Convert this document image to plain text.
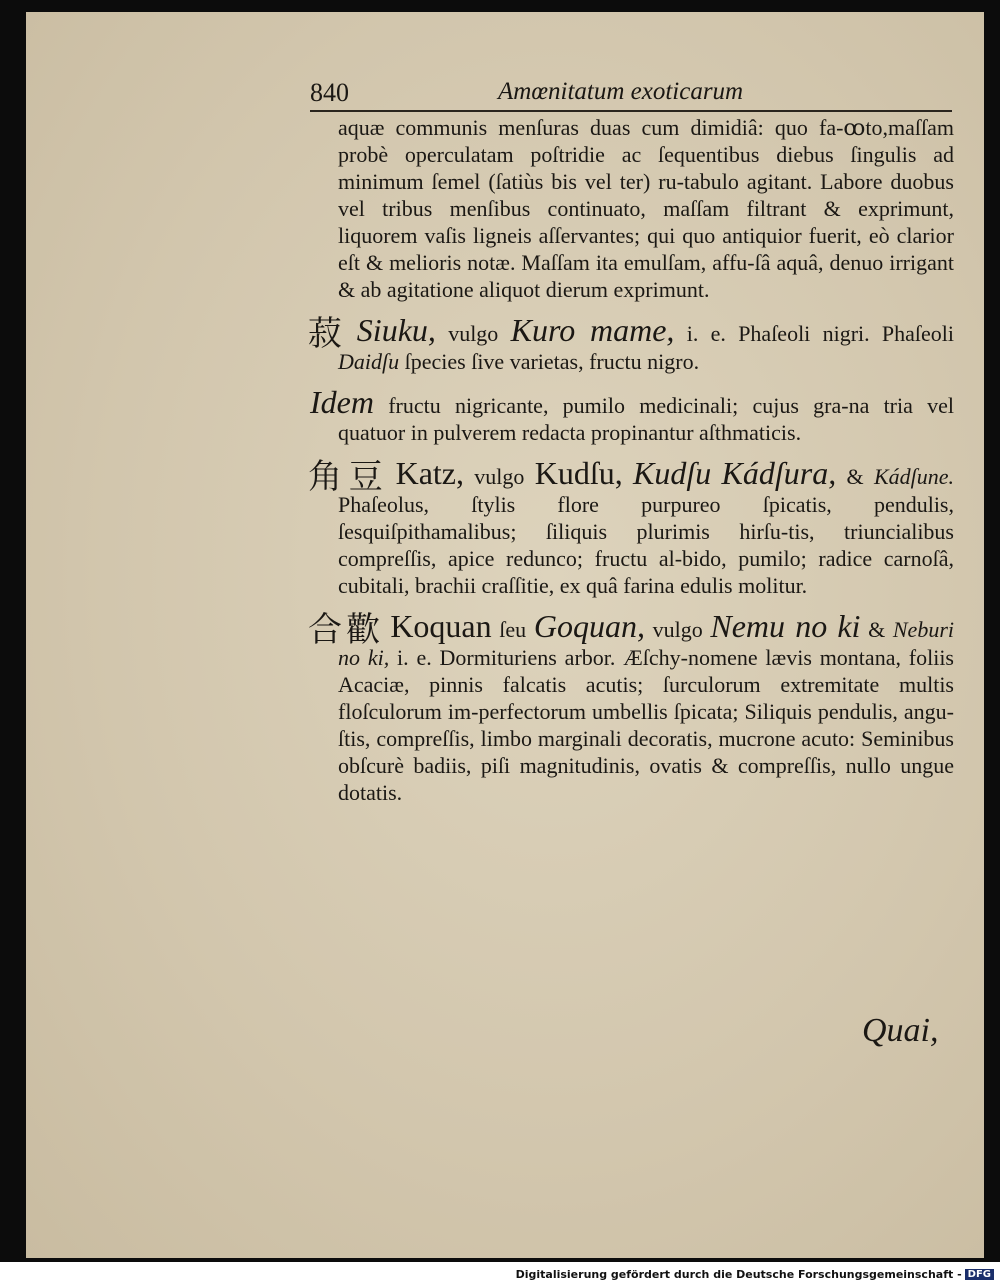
840	Amœnitatum exoticarum

aquæ communis menſuras duas cum dimidiâ: quo fa-ꝏto,maſſam probè operculatam poſtridie ac ſequentibus diebus ſingulis ad minimum ſemel (ſatiùs bis vel ter) ru-tabulo agitant. Labore duobus vel tribus menſibus continuato, maſſam filtrant & exprimunt, liquorem vaſis ligneis aſſervantes; qui quo antiquior fuerit, eò clarior eſt & melioris notæ. Maſſam ita emulſam, affu-ſâ aquâ, denuo irrigant & ab agitatione aliquot dierum exprimunt.

菽 Siuku, vulgo Kuro mame, i. e. Phaſeoli nigri. Phaſeoli Daidſu ſpecies ſive varietas, fructu nigro.

Idem fructu nigricante, pumilo medicinali; cujus gra-na tria vel quatuor in pulverem redacta propinantur aſthmaticis.

角豆 Katz, vulgo Kudſu, Kudſu Kádſura, & Kádſune. Phaſeolus, ſtylis flore purpureo ſpicatis, pendulis, ſesquiſpithamalibus; ſiliquis plurimis hirſu-tis, triuncialibus compreſſis, apice redunco; fructu al-bido, pumilo; radice carnoſâ, cubitali, brachii craſſitie, ex quâ farina edulis molitur.

合歡 Koquan ſeu Goquan, vulgo Nemu no ki & Neburi no ki, i. e. Dormituriens arbor. Æſchy-nomene lævis montana, foliis Acaciæ, pinnis falcatis acutis; ſurculorum extremitate multis floſculorum im-perfectorum umbellis ſpicata; Siliquis pendulis, angu-ſtis, compreſſis, limbo marginali decoratis, mucrone acuto: Seminibus obſcurè badiis, piſi magnitudinis, ovatis & compreſſis, nullo ungue dotatis.

Quai,
Digitalisierung gefördert durch die Deutsche Forschungsgemeinschaft - DFG
